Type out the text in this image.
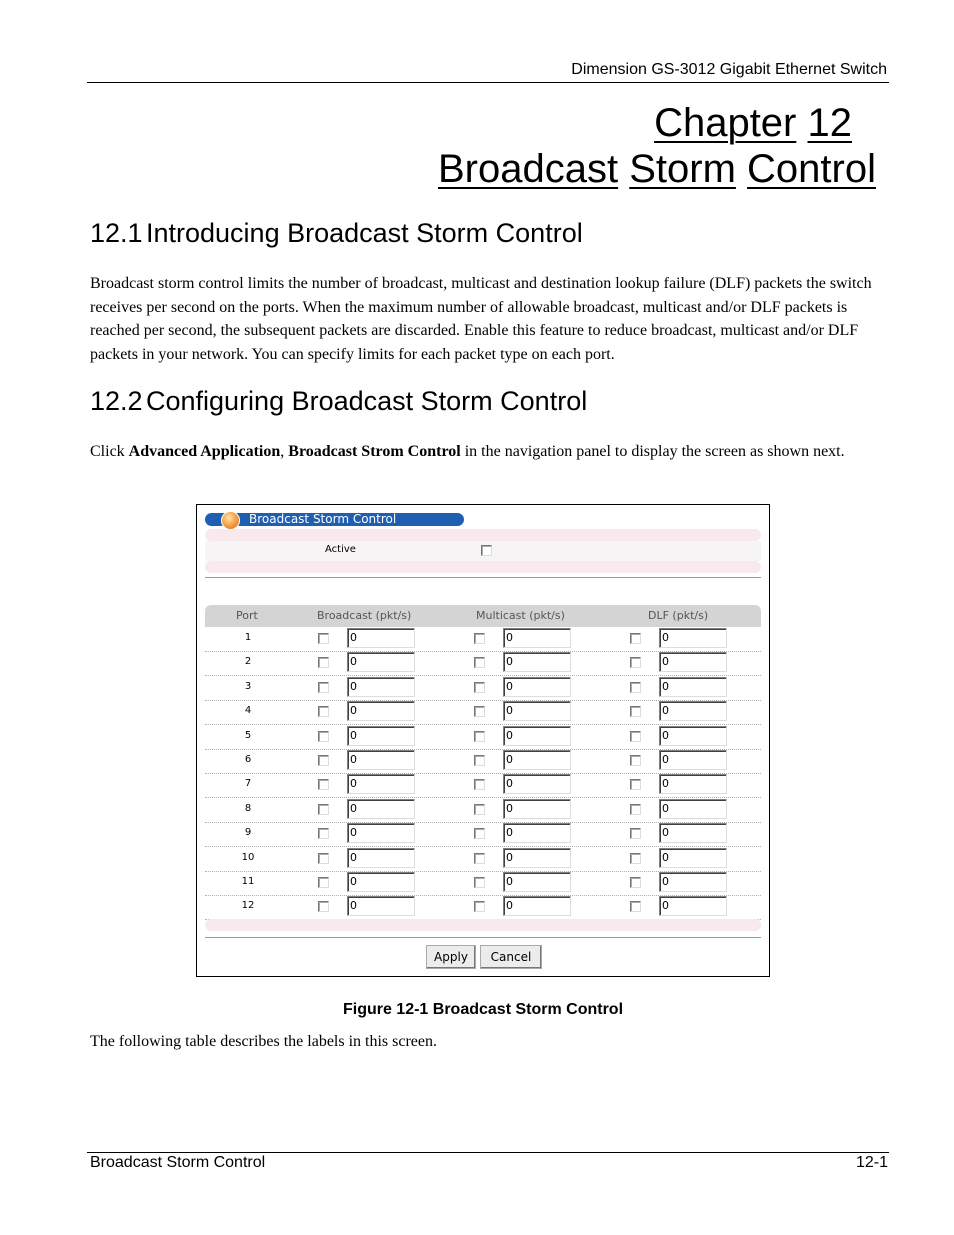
Dimension GS-3012 Gigabit Ethernet Switch
Chapter 12
Broadcast Storm Control
12.1 Introducing Broadcast Storm Control
Broadcast storm control limits the number of broadcast, multicast and destination lookup failure (DLF) packets the switch receives per second on the ports. When the maximum number of allowable broadcast, multicast and/or DLF packets is reached per second, the subsequent packets are discarded. Enable this feature to reduce broadcast, multicast and/or DLF packets in your network. You can specify limits for each packet type on each port.
12.2 Configuring Broadcast Storm Control
Click Advanced Application, Broadcast Strom Control in the navigation panel to display the screen as shown next.
Broadcast Storm Control
Active
Port	Broadcast (pkt/s)	Multicast (pkt/s)	DLF (pkt/s)
1	0	0	0
2	0	0	0
3	0	0	0
4	0	0	0
5	0	0	0
6	0	0	0
7	0	0	0
8	0	0	0
9	0	0	0
10	0	0	0
11	0	0	0
12	0	0	0
Apply	Cancel
Figure 12-1 Broadcast Storm Control
The following table describes the labels in this screen.
Broadcast Storm Control	12-1
